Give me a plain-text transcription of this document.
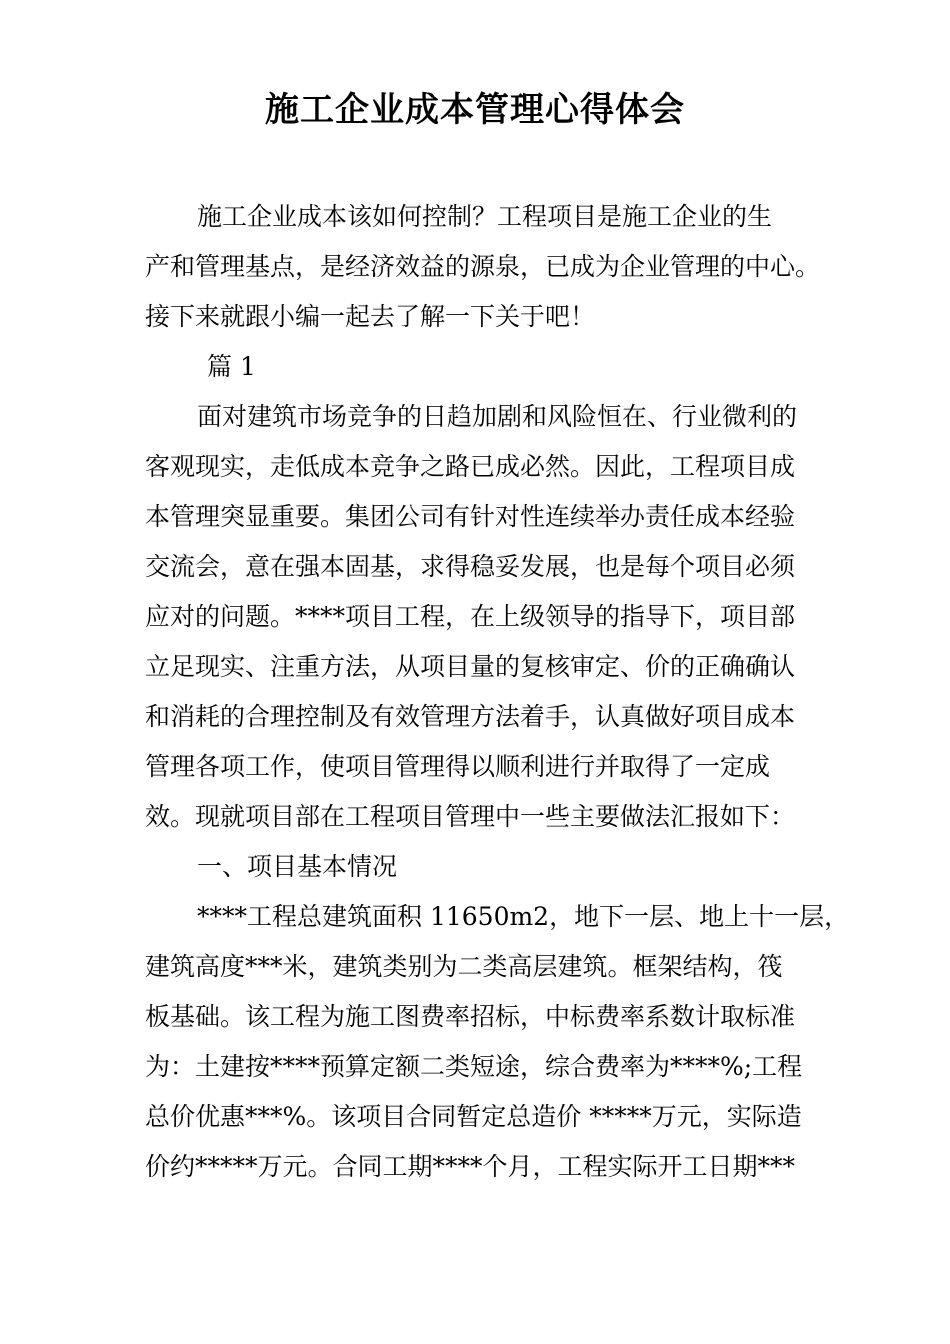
施工企业成本管理心得体会

施工企业成本该如何控制？工程项目是施工企业的生

产和管理基点，是经济效益的源泉，已成为企业管理的中心。

接下来就跟小编一起去了解一下关于吧！

篇 1

面对建筑市场竞争的日趋加剧和风险恒在、行业微利的

客观现实，走低成本竞争之路已成必然。因此，工程项目成

本管理突显重要。集团公司有针对性连续举办责任成本经验

交流会，意在强本固基，求得稳妥发展，也是每个项目必须

应对的问题。****项目工程，在上级领导的指导下，项目部

立足现实、注重方法，从项目量的复核审定、价的正确确认

和消耗的合理控制及有效管理方法着手，认真做好项目成本

管理各项工作，使项目管理得以顺利进行并取得了一定成

效。现就项目部在工程项目管理中一些主要做法汇报如下：

一、项目基本情况

****工程总建筑面积 11650m2，地下一层、地上十一层，

建筑高度***米，建筑类别为二类高层建筑。框架结构，筏

板基础。该工程为施工图费率招标，中标费率系数计取标准

为：土建按****预算定额二类短途，综合费率为****%;工程

总价优惠***%。该项目合同暂定总造价 *****万元，实际造

价约*****万元。合同工期****个月，工程实际开工日期***
